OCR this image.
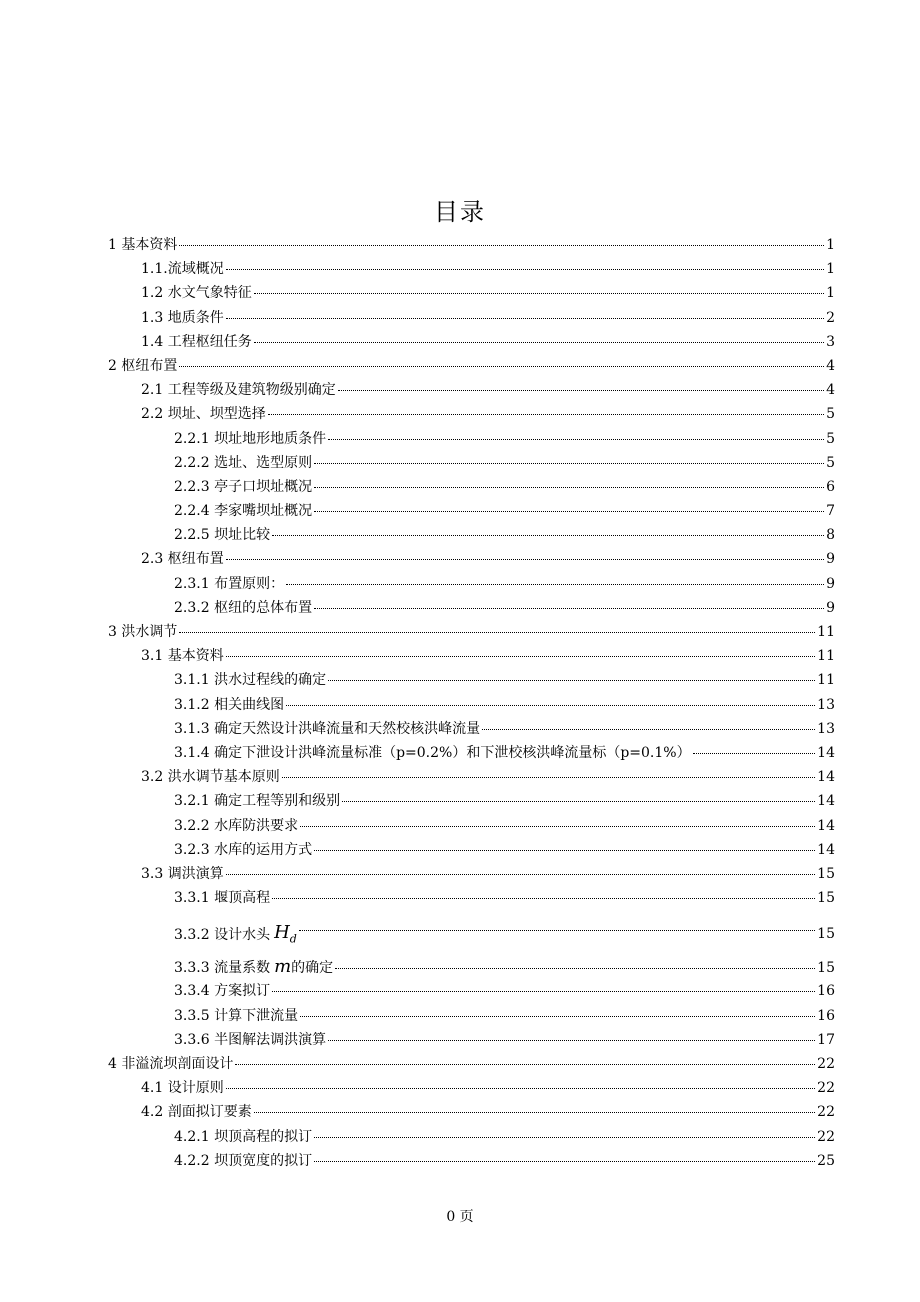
目录
1 基本资料	1
1.1.流域概况	1
1.2 水文气象特征	1
1.3 地质条件	2
1.4 工程枢纽任务	3
2 枢纽布置	4
2.1 工程等级及建筑物级别确定	4
2.2 坝址、坝型选择	5
2.2.1 坝址地形地质条件	5
2.2.2 选址、选型原则	5
2.2.3 亭子口坝址概况	6
2.2.4 李家嘴坝址概况	7
2.2.5 坝址比较	8
2.3 枢纽布置	9
2.3.1 布置原则：	9
2.3.2 枢纽的总体布置	9
3 洪水调节	11
3.1 基本资料	11
3.1.1 洪水过程线的确定	11
3.1.2 相关曲线图	13
3.1.3 确定天然设计洪峰流量和天然校核洪峰流量	13
3.1.4 确定下泄设计洪峰流量标准（p=0.2%）和下泄校核洪峰流量标（p=0.1%）	14
3.2 洪水调节基本原则	14
3.2.1 确定工程等别和级别	14
3.2.2 水库防洪要求	14
3.2.3 水库的运用方式	14
3.3 调洪演算	15
3.3.1 堰顶高程	15
3.3.2 设计水头 $H_d$	15
3.3.3 流量系数 m 的确定	15
3.3.4 方案拟订	16
3.3.5 计算下泄流量	16
3.3.6 半图解法调洪演算	17
4 非溢流坝剖面设计	22
4.1 设计原则	22
4.2 剖面拟订要素	22
4.2.1 坝顶高程的拟订	22
4.2.2 坝顶宽度的拟订	25
0 页
